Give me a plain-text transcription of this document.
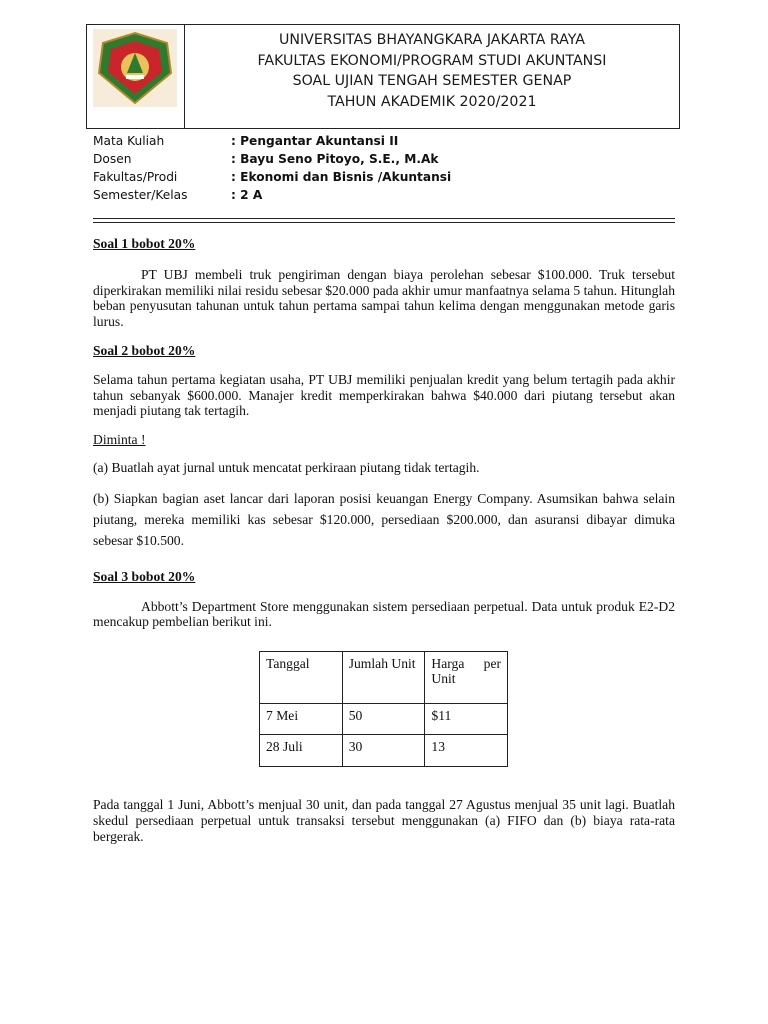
UNIVERSITAS BHAYANGKARA JAKARTA RAYA
FAKULTAS EKONOMI/PROGRAM STUDI AKUNTANSI
SOAL UJIAN TENGAH SEMESTER GENAP
TAHUN AKADEMIK 2020/2021
Mata Kuliah	: Pengantar Akuntansi II
Dosen	: Bayu Seno Pitoyo, S.E., M.Ak
Fakultas/Prodi	: Ekonomi dan Bisnis /Akuntansi
Semester/Kelas	: 2 A

Soal 1 bobot 20%

PT UBJ membeli truk pengiriman dengan biaya perolehan sebesar $100.000. Truk tersebut diperkirakan memiliki nilai residu sebesar $20.000 pada akhir umur manfaatnya selama 5 tahun. Hitunglah beban penyusutan tahunan untuk tahun pertama sampai tahun kelima dengan menggunakan metode garis lurus.

Soal 2 bobot 20%

Selama tahun pertama kegiatan usaha, PT UBJ memiliki penjualan kredit yang belum tertagih pada akhir tahun sebanyak $600.000. Manajer kredit memperkirakan bahwa $40.000 dari piutang tersebut akan menjadi piutang tak tertagih.

Diminta !

(a) Buatlah ayat jurnal untuk mencatat perkiraan piutang tidak tertagih.

(b) Siapkan bagian aset lancar dari laporan posisi keuangan Energy Company. Asumsikan bahwa selain piutang, mereka memiliki kas sebesar $120.000, persediaan $200.000, dan asuransi dibayar dimuka sebesar $10.500.

Soal 3 bobot 20%

Abbott’s Department Store menggunakan sistem persediaan perpetual. Data untuk produk E2-D2 mencakup pembelian berikut ini.

Tanggal	Jumlah Unit	Harga per Unit
7 Mei	50	$11
28 Juli	30	13

Pada tanggal 1 Juni, Abbott’s menjual 30 unit, dan pada tanggal 27 Agustus menjual 35 unit lagi. Buatlah skedul persediaan perpetual untuk transaksi tersebut menggunakan (a) FIFO dan (b) biaya rata-rata bergerak.
